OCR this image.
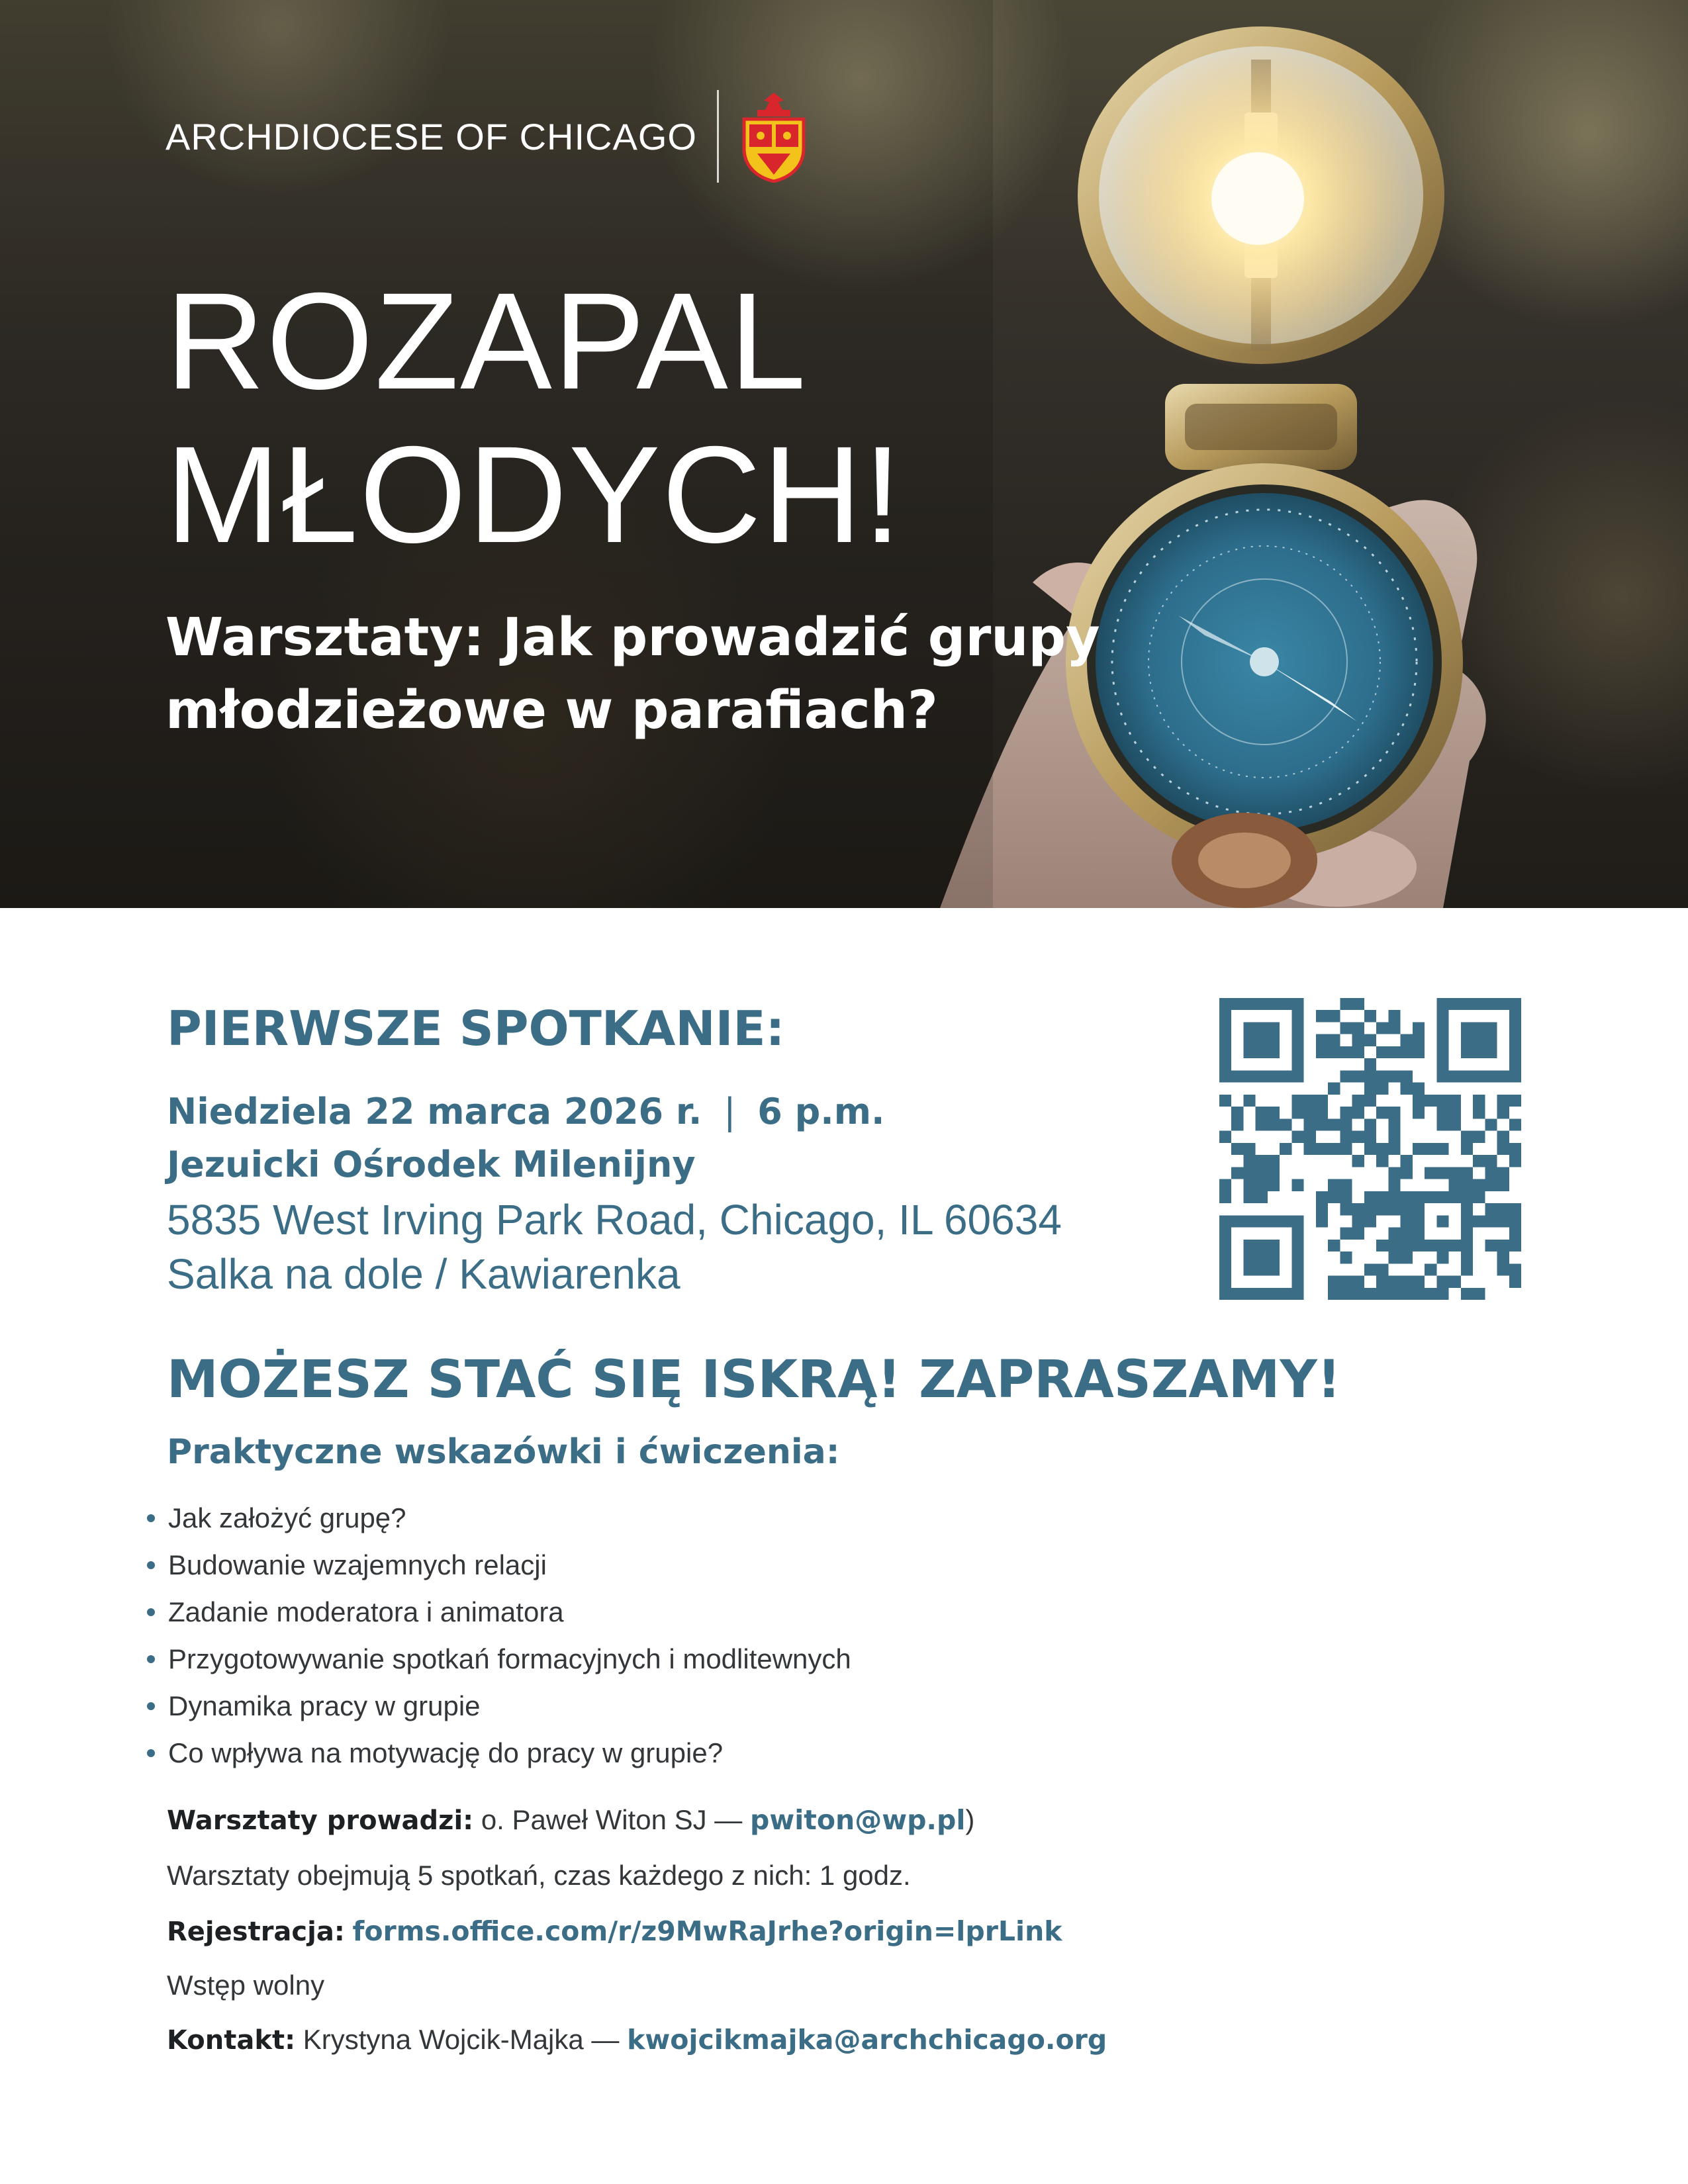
ARCHDIOCESE OF CHICAGO
ROZAPAL
MŁODYCH!
Warsztaty: Jak prowadzić grupy
młodzieżowe w parafiach?
PIERWSZE SPOTKANIE:

Niedziela 22 marca 2026 r. | 6 p.m.

Jezuicki Ośrodek Milenijny

5835 West Irving Park Road, Chicago, IL 60634

Salka na dole / Kawiarenka

MOŻESZ STAĆ SIĘ ISKRĄ! ZAPRASZAMY!
Praktyczne wskazówki i ćwiczenia:
Jak założyć grupę?
Budowanie wzajemnych relacji
Zadanie moderatora i animatora
Przygotowywanie spotkań formacyjnych i modlitewnych
Dynamika pracy w grupie
Co wpływa na motywację do pracy w grupie?

Warsztaty prowadzi: o. Paweł Witon SJ — pwiton@wp.pl)

Warsztaty obejmują 5 spotkań, czas każdego z nich: 1 godz.

Rejestracja: forms.office.com/r/z9MwRaJrhe?origin=lprLink

Wstęp wolny

Kontakt: Krystyna Wojcik-Majka — kwojcikmajka@archchicago.org
